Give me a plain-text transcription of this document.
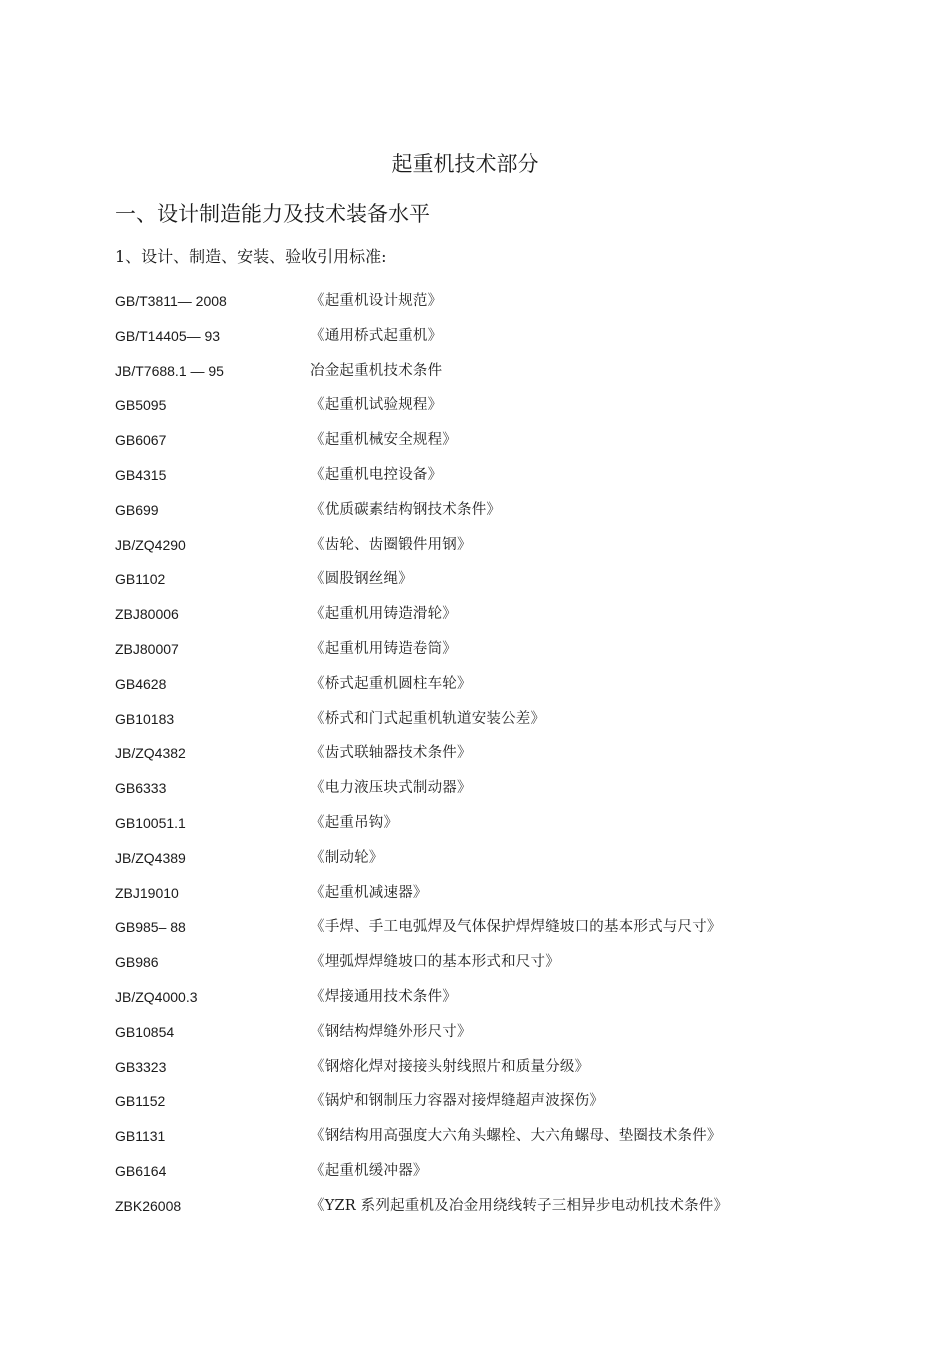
起重机技术部分
一、设计制造能力及技术装备水平
1、设计、制造、安装、验收引用标准:
GB/T3811— 2008	《起重机设计规范》
GB/T14405— 93	《通用桥式起重机》
JB/T7688.1 — 95	冶金起重机技术条件
GB5095	《起重机试验规程》
GB6067	《起重机械安全规程》
GB4315	《起重机电控设备》
GB699	《优质碳素结构钢技术条件》
JB/ZQ4290	《齿轮、齿圈锻件用钢》
GB1102	《圆股钢丝绳》
ZBJ80006	《起重机用铸造滑轮》
ZBJ80007	《起重机用铸造卷筒》
GB4628	《桥式起重机圆柱车轮》
GB10183	《桥式和门式起重机轨道安装公差》
JB/ZQ4382	《齿式联轴器技术条件》
GB6333	《电力液压块式制动器》
GB10051.1	《起重吊钩》
JB/ZQ4389	《制动轮》
ZBJ19010	《起重机减速器》
GB985– 88	《手焊、手工电弧焊及气体保护焊焊缝坡口的基本形式与尺寸》
GB986	《埋弧焊焊缝坡口的基本形式和尺寸》
JB/ZQ4000.3	《焊接通用技术条件》
GB10854	《钢结构焊缝外形尺寸》
GB3323	《钢熔化焊对接接头射线照片和质量分级》
GB1152	《锅炉和钢制压力容器对接焊缝超声波探伤》
GB1131	《钢结构用高强度大六角头螺栓、大六角螺母、垫圈技术条件》
GB6164	《起重机缓冲器》
ZBK26008	《YZR 系列起重机及冶金用绕线转子三相异步电动机技术条件》
